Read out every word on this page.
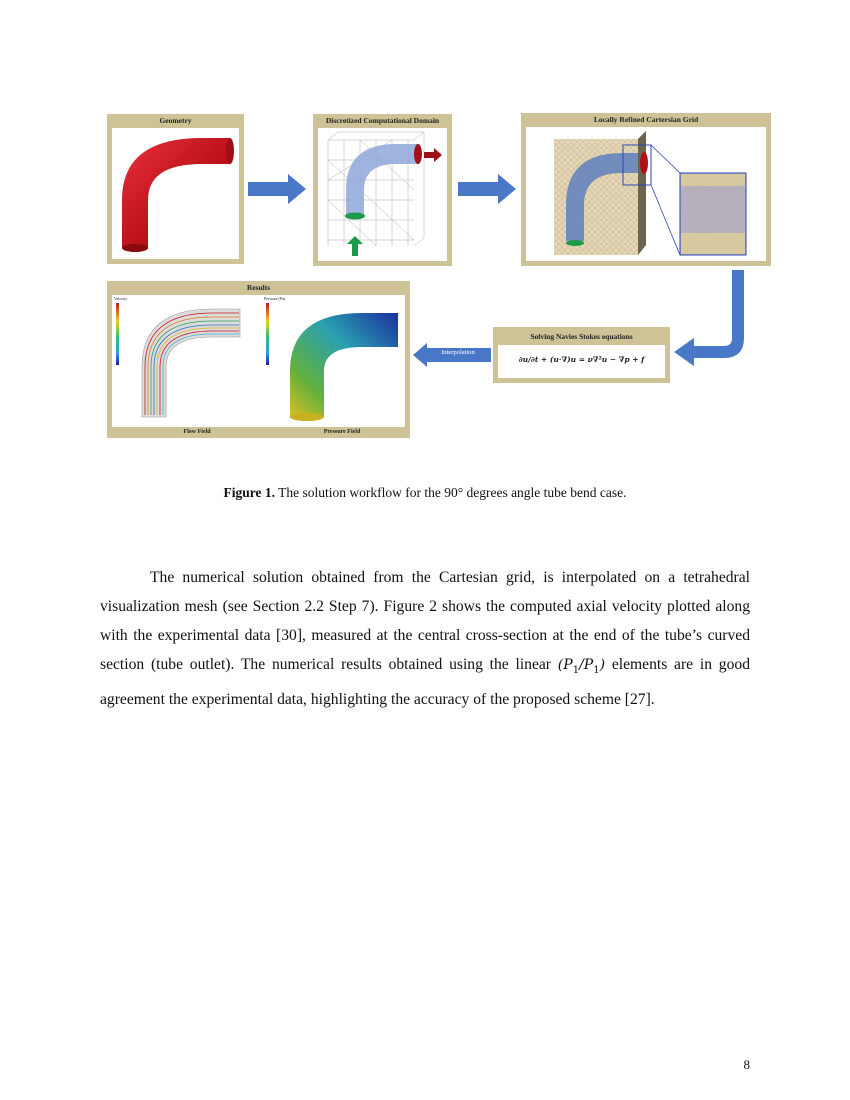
Geometry	Discretized Computational Domain	Locally Refined Cartersian Grid
Solving Navies Stokes equations
∂u/∂t + (u·∇)u = ν∇²u − ∇p + f
Interpolation
Results
Velocity	Pressure (Pa)
Flow Field	Pressure Field
Figure 1. The solution workflow for the 90° degrees angle tube bend case.

The numerical solution obtained from the Cartesian grid, is interpolated on a tetrahedral visualization mesh (see Section 2.2 Step 7). Figure 2 shows the computed axial velocity plotted along with the experimental data [30], measured at the central cross-section at the end of the tube’s curved section (tube outlet). The numerical results obtained using the linear $(P_1/P_1)$ elements are in good agreement the experimental data, highlighting the accuracy of the proposed scheme [27].

8
